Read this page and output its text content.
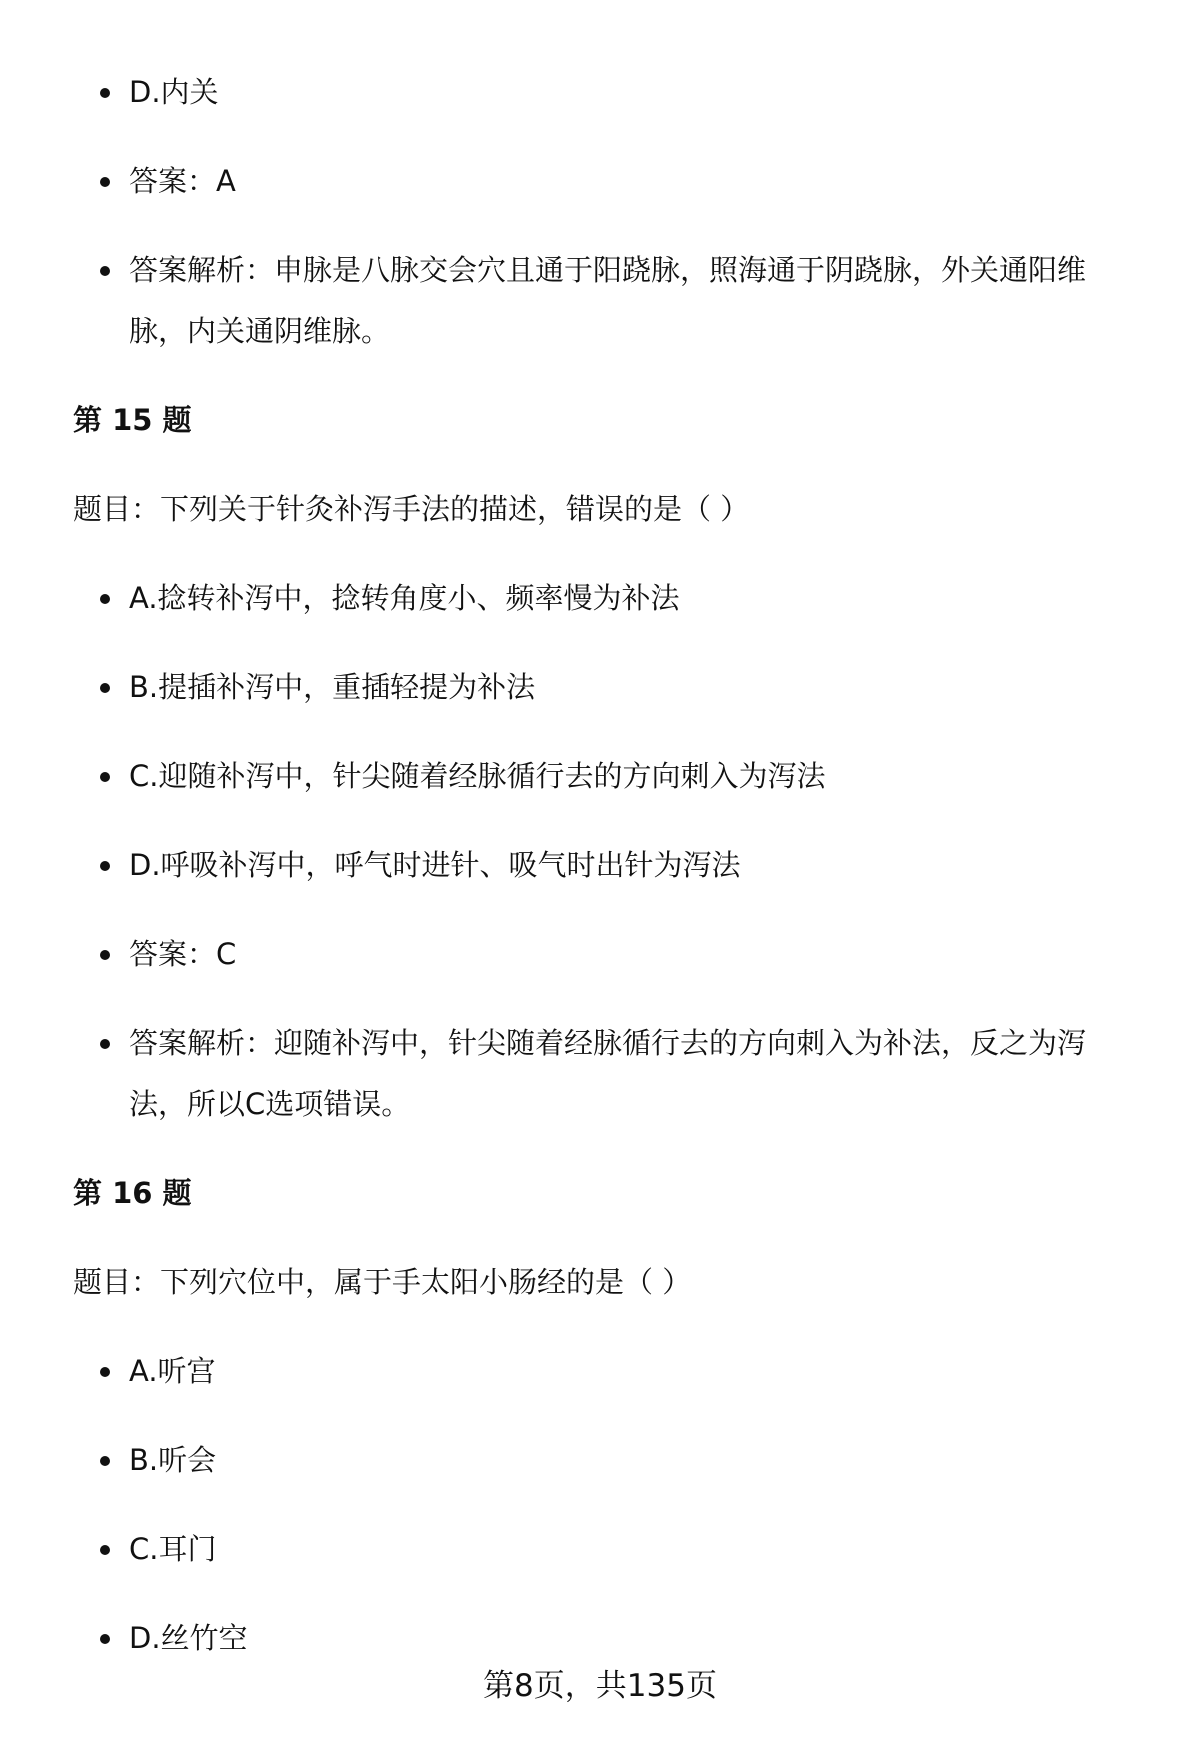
D.内关
答案：A
答案解析：申脉是八脉交会穴且通于阳跷脉，照海通于阴跷脉，外关通阳维脉，内关通阴维脉。
第 15 题
题目：下列关于针灸补泻手法的描述，错误的是（ ）
A.捻转补泻中，捻转角度小、频率慢为补法
B.提插补泻中，重插轻提为补法
C.迎随补泻中，针尖随着经脉循行去的方向刺入为泻法
D.呼吸补泻中，呼气时进针、吸气时出针为泻法
答案：C
答案解析：迎随补泻中，针尖随着经脉循行去的方向刺入为补法，反之为泻法，所以C选项错误。
第 16 题
题目：下列穴位中，属于手太阳小肠经的是（ ）
A.听宫
B.听会
C.耳门
D.丝竹空
第8页，共135页
